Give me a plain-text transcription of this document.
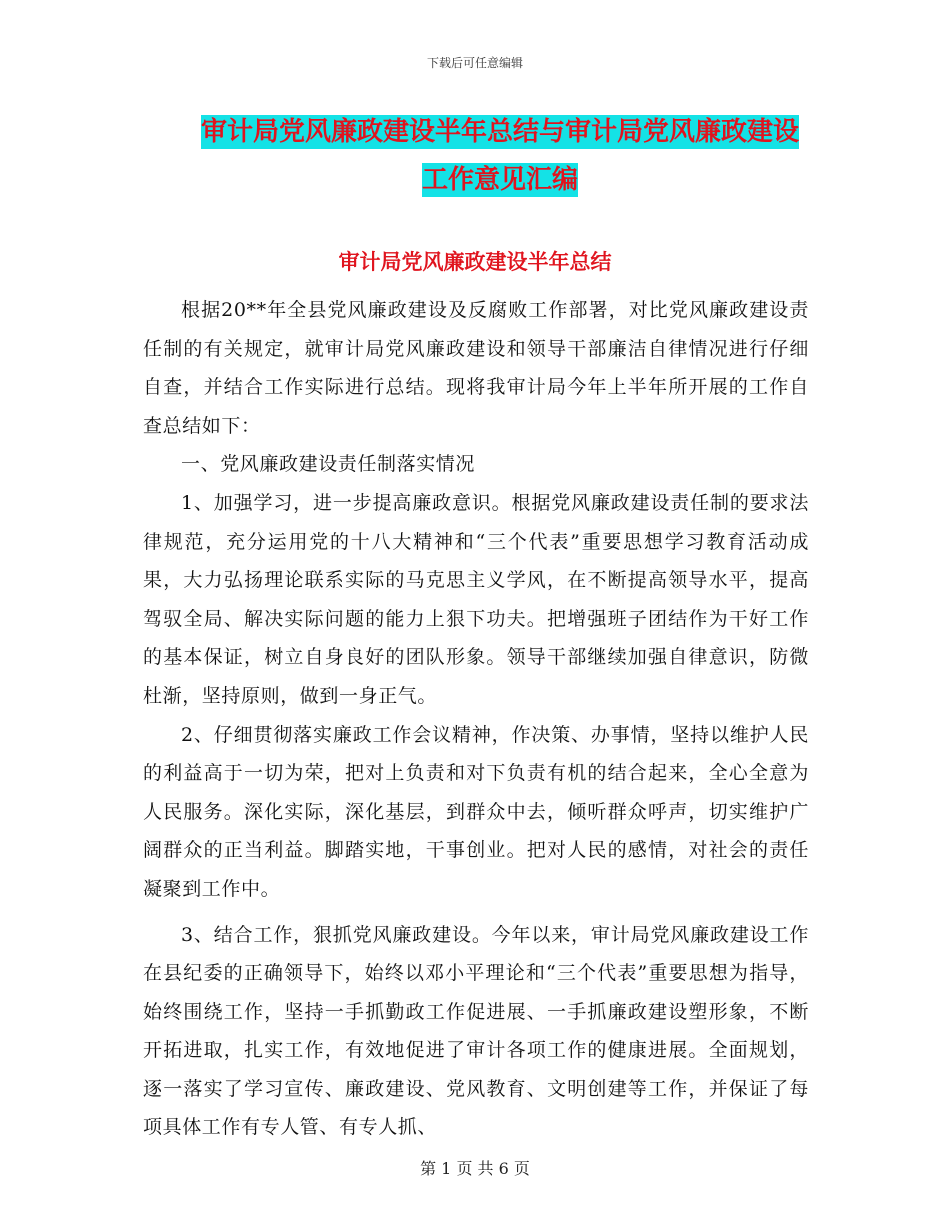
下载后可任意编辑
审计局党风廉政建设半年总结与审计局党风廉政建设
工作意见汇编
审计局党风廉政建设半年总结

根据20**年全县党风廉政建设及反腐败工作部署，对比党风廉政建设责任制的有关规定，就审计局党风廉政建设和领导干部廉洁自律情况进行仔细自查，并结合工作实际进行总结。现将我审计局今年上半年所开展的工作自查总结如下：

一、党风廉政建设责任制落实情况

1、加强学习，进一步提高廉政意识。根据党风廉政建设责任制的要求法律规范，充分运用党的十八大精神和“三个代表”重要思想学习教育活动成果，大力弘扬理论联系实际的马克思主义学风，在不断提高领导水平，提高驾驭全局、解决实际问题的能力上狠下功夫。把增强班子团结作为干好工作的基本保证，树立自身良好的团队形象。领导干部继续加强自律意识，防微杜渐，坚持原则，做到一身正气。

2、仔细贯彻落实廉政工作会议精神，作决策、办事情，坚持以维护人民的利益高于一切为荣，把对上负责和对下负责有机的结合起来，全心全意为人民服务。深化实际，深化基层，到群众中去，倾听群众呼声，切实维护广阔群众的正当利益。脚踏实地，干事创业。把对人民的感情，对社会的责任凝聚到工作中。

3、结合工作，狠抓党风廉政建设。今年以来，审计局党风廉政建设工作在县纪委的正确领导下，始终以邓小平理论和“三个代表”重要思想为指导，始终围绕工作，坚持一手抓勤政工作促进展、一手抓廉政建设塑形象，不断开拓进取，扎实工作，有效地促进了审计各项工作的健康进展。全面规划，逐一落实了学习宣传、廉政建设、党风教育、文明创建等工作，并保证了每项具体工作有专人管、有专人抓、

第 1 页 共 6 页
